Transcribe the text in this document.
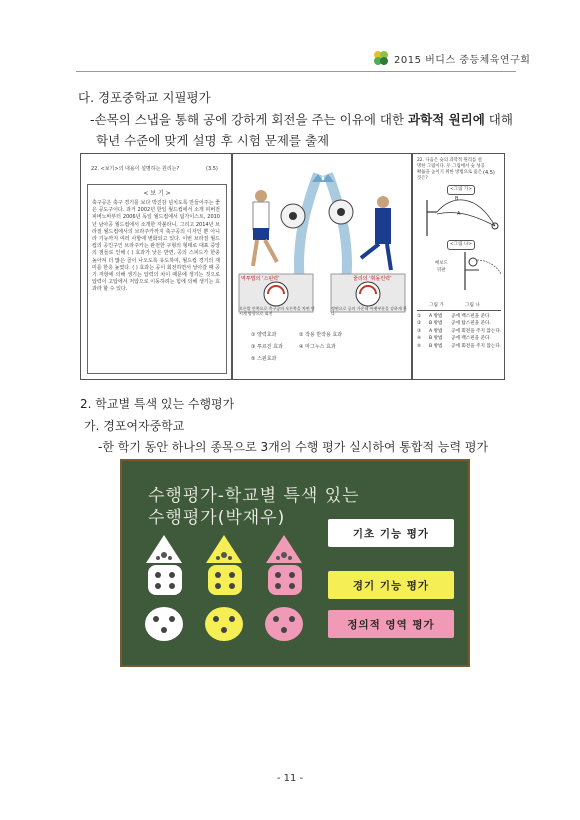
2015 버디스 중등체육연구회
다. 경포중학교 지필평가
-손목의 스냅을 통해 공에 강하게 회전을 주는 이유에 대한 과학적 원리에 대해
학년 수준에 맞게 설명 후 시험 문제를 출제
22. <보기>의 내용이 설명하는 원리는?	(3.5)
< 보 기 >
축구공은 축구 경기를 보다 박진감 넘치도록 만들어주는 좋은 공도구이다. 과거 2002년 한일 월드컵에서 소개 피버전 피버노바부터 2006년 독일 월드컵에서 팀가이스트, 2010년 남아공 월드컵에서 소개한 자불라니, 그리고 2014년 브라질 월드컵에서의 브라주카까지 축구공의 디자인 뿐 아니라 기능까지 여러 사항에 변화되고 있다. 이번 브라질 월드컵의 공인구인 브라주카는 완전한 구형의 형태로 대표 중앙의 점들로 인해 ( ) 효과가 낮은 반면, 공의 스피드가 한층 높아져 더 많은 골이 나오도록 유도하여, 월드컵 경기의 재미를 한층 높였다. ( ) 효과는 공이 회전하면서 날아갈 때 공기 저항에 의해 생기는 압력의 차이 때문에 생기는 것으로 압력이 고압에서 저압으로 이동하려는 힘에 의해 생기는 효과라 할 수 있다.
역투법의 ‘스핀력’	줄리의 ‘휘돌린력’
오른발 안쪽으로 축구공의 오른쪽을 차면 반시계 방향으로 회전
정면으로 공의 가운데 아랫부분을 강하게 찬다
① 양력효과	② 작용 반작용 효과
③ 투르진 효과	④ 마그누스 효과
⑤ 스핀효과
22. 다음은 슛의 과학적 원리를 설명한 그림이다. 두 그림에서 슛 성공 확률을 높이기 위한 방법으로 옳은 것은?
(4.5)
<그림 가>
B
A
<그림 나>
배보드
뒤판
그림 가	그림 나
①	A 방법	공에 백스핀을 준다.
②	B 방법	공에 탑스핀을 준다.
③	A 방법	공에 회전을 주지 않는다.
④	B 방법	공에 백스핀을 준다.
⑤	B 방법	공에 회전을 주지 않는다.
2. 학교별 특색 있는 수행평가
가. 경포여자중학교
-한 학기 동안 하나의 종목으로 3개의 수행 평가 실시하여 통합적 능력 평가
수행평가-학교별 특색 있는
수행평가(박재우)
기초 기능 평가
경기 기능 평가
정의적 영역 평가
- 11 -
